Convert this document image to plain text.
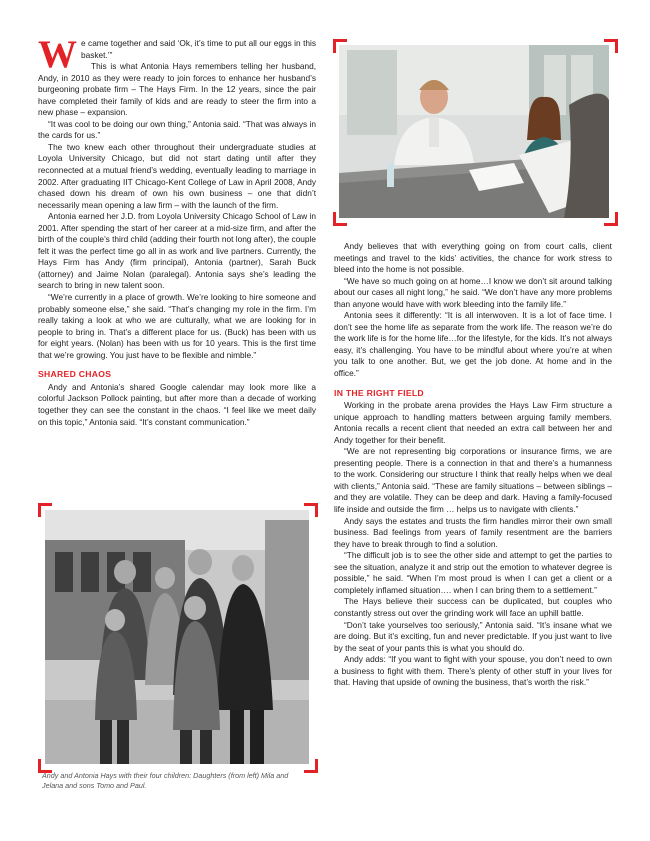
Andy and Antonia Hays with their four children: Daughters (from left) Mila and Jelana and sons Tomo and Paul.

We came together and said ‘Ok, it’s time to put all our eggs in this basket.’”

This is what Antonia Hays remembers telling her husband, Andy, in 2010 as they were ready to join forces to enhance her husband’s burgeoning probate firm – The Hays Firm. In the 12 years, since the pair have completed their family of kids and are ready to steer the firm into a new phase – expansion.

“It was cool to be doing our own thing,” Antonia said. “That was always in the cards for us.”

The two knew each other throughout their undergraduate studies at Loyola University Chicago, but did not start dating until after they reconnected at a mutual friend’s wedding, eventually leading to marriage in 2002. After graduating IIT Chicago-Kent College of Law in April 2008, Andy chased down his dream of own his own business – one that didn’t necessarily mean opening a law firm – with the launch of the firm.

Antonia earned her J.D. from Loyola University Chicago School of Law in 2001. After spending the start of her career at a mid-size firm, and after the birth of the couple’s third child (adding their fourth not long after), the couple felt it was the perfect time go all in as work and live partners. Currently, the Hays Firm has Andy (firm principal), Antonia (partner), Sarah Buck (attorney) and Jaime Nolan (paralegal). Antonia says she’s leading the search to bring in new talent soon.

“We’re currently in a place of growth. We’re looking to hire someone and probably someone else,” she said. “That’s changing my role in the firm. I’m really taking a look at who we are culturally, what we are looking for in people to bring in. That’s a different place for us. (Buck) has been with us for eight years. (Nolan) has been with us for 10 years. This is the first time that we’re growing. You just have to be flexible and nimble.”

SHARED CHAOS

Andy and Antonia’s shared Google calendar may look more like a colorful Jackson Pollock painting, but after more than a decade of working together they can see the constant in the chaos. “I feel like we meet daily on this topic,” Antonia said. “It’s constant communication.”

Andy believes that with everything going on from court calls, client meetings and travel to the kids’ activities, the chance for work stress to bleed into the home is not possible.

“We have so much going on at home…I know we don’t sit around talking about our cases all night long,” he said. “We don’t have any more problems than anyone would have with work bleeding into the family life.”

Antonia sees it differently: “It is all interwoven. It is a lot of face time. I don’t see the home life as separate from the work life. The reason we’re do the work life is for the home life…for the lifestyle, for the kids. It’s not always easy, it’s challenging. You have to be mindful about where you’re at when you talk to one another. But, we get the job done. At home and in the office.”

IN THE RIGHT FIELD

Working in the probate arena provides the Hays Law Firm structure a unique approach to handling matters between arguing family members. Antonia recalls a recent client that needed an extra call between her and Andy together for their benefit.

“We are not representing big corporations or insurance firms, we are presenting people. There is a connection in that and there’s a humanness to the work. Considering our structure I think that really helps when we deal with clients,” Antonia said. “These are family situations – between siblings – and they are volatile. They can be deep and dark. Having a family-focused life inside and outside the firm … helps us to navigate with clients.”

Andy says the estates and trusts the firm handles mirror their own small business. Bad feelings from years of family resentment are the barriers they have to break through to find a solution.

“The difficult job is to see the other side and attempt to get the parties to see the situation, analyze it and strip out the emotion to whatever degree is possible,” he said. “When I’m most proud is when I can get a client or a completely inflamed situation…. when I can bring them to a settlement.”

The Hays believe their success can be duplicated, but couples who constantly stress out over the grinding work will face an uphill battle.

“Don’t take yourselves too seriously,” Antonia said. “It’s insane what we are doing. But it’s exciting, fun and never predictable. If you just want to live by the seat of your pants this is what you should do.

Andy adds: “If you want to fight with your spouse, you don’t need to own a business to fight with them. There’s plenty of other stuff in your lives for that. Having that upside of owning the business, that’s worth the risk.”
